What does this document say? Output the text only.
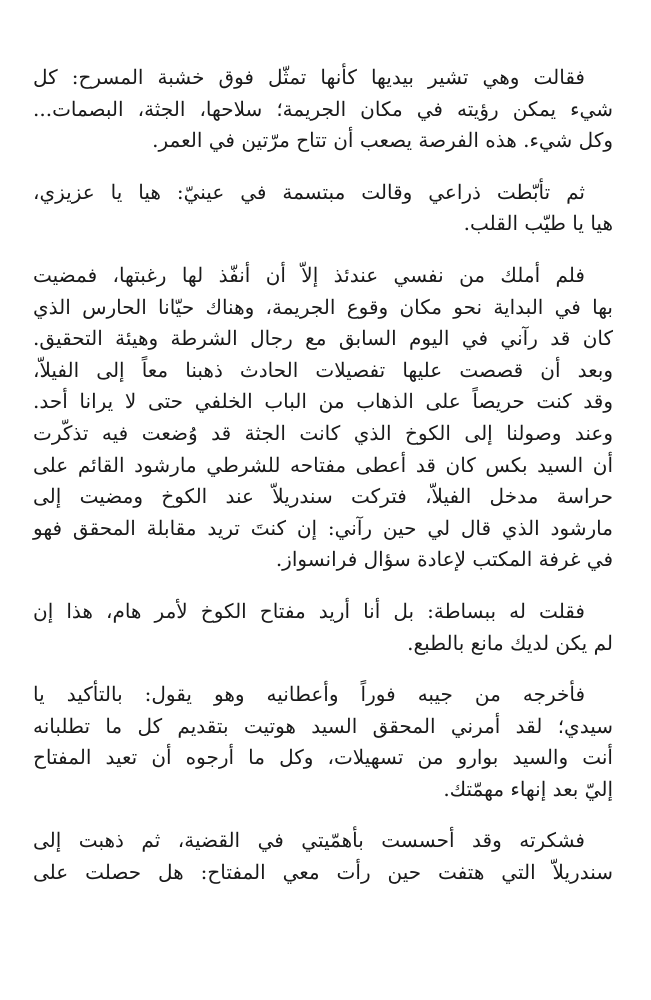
فقالت وهي تشير بيديها كأنها تمثّل فوق خشبة المسرح: كل
شيء يمكن رؤيته في مكان الجريمة؛ سلاحها، الجثة، البصمات...
وكل شيء. هذه الفرصة يصعب أن تتاح مرّتين في العمر.

ثم تأبّطت ذراعي وقالت مبتسمة في عينيّ: هيا يا عزيزي،
هيا يا طيّب القلب.

فلم أملك من نفسي عندئذ إلاّ أن أنفّذ لها رغبتها، فمضيت
بها في البداية نحو مكان وقوع الجريمة، وهناك حيّانا الحارس الذي
كان قد رآني في اليوم السابق مع رجال الشرطة وهيئة التحقيق.
وبعد أن قصصت عليها تفصيلات الحادث ذهبنا معاً إلى الفيلاّ،
وقد كنت حريصاً على الذهاب من الباب الخلفي حتى لا يرانا أحد.
وعند وصولنا إلى الكوخ الذي كانت الجثة قد وُضعت فيه تذكّرت
أن السيد بكس كان قد أعطى مفتاحه للشرطي مارشود القائم على
حراسة مدخل الفيلاّ، فتركت سندريلاّ عند الكوخ ومضيت إلى
مارشود الذي قال لي حين رآني: إن كنتَ تريد مقابلة المحقق فهو
في غرفة المكتب لإعادة سؤال فرانسواز.

فقلت له ببساطة: بل أنا أريد مفتاح الكوخ لأمر هام، هذا إن
لم يكن لديك مانع بالطبع.

فأخرجه من جيبه فوراً وأعطانيه وهو يقول: بالتأكيد يا
سيدي؛ لقد أمرني المحقق السيد هوتيت بتقديم كل ما تطلبانه
أنت والسيد بوارو من تسهيلات، وكل ما أرجوه أن تعيد المفتاح
إليّ بعد إنهاء مهمّتك.

فشكرته وقد أحسست بأهمّيتي في القضية، ثم ذهبت إلى
سندريلاّ التي هتفت حين رأت معي المفتاح: هل حصلت على
